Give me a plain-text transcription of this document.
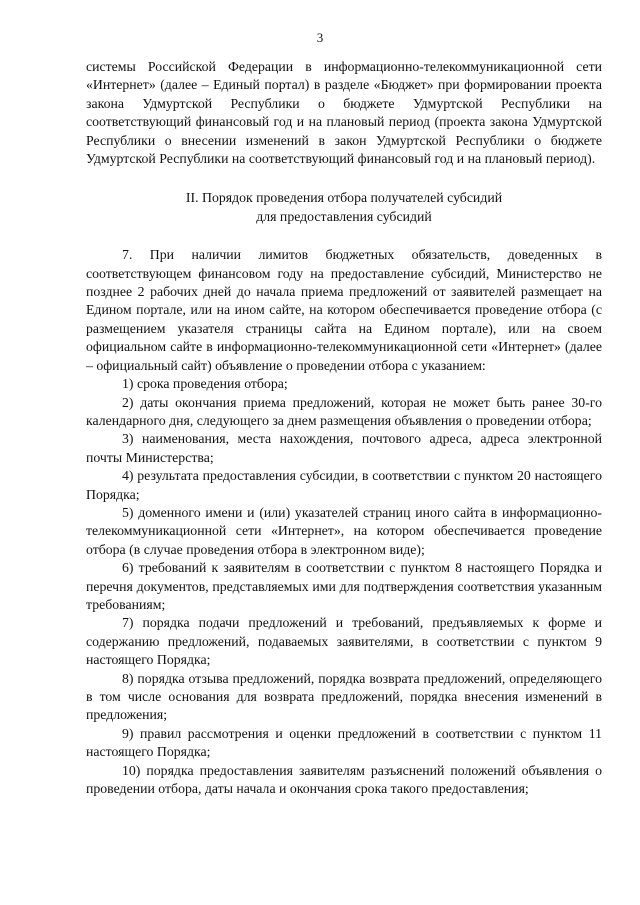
3

системы Российской Федерации в информационно-телекоммуникационной сети «Интернет» (далее – Единый портал) в разделе «Бюджет» при формировании проекта закона Удмуртской Республики о бюджете Удмуртской Республики на соответствующий финансовый год и на плановый период (проекта закона Удмуртской Республики о внесении изменений в закон Удмуртской Республики о бюджете Удмуртской Республики на соответствующий финансовый год и на плановый период).

II. Порядок проведения отбора получателей субсидий
для предоставления субсидий

7. При наличии лимитов бюджетных обязательств, доведенных в соответствующем финансовом году на предоставление субсидий, Министерство не позднее 2 рабочих дней до начала приема предложений от заявителей размещает на Едином портале, или на ином сайте, на котором обеспечивается проведение отбора (с размещением указателя страницы сайта на Едином портале), или на своем официальном сайте в информационно-телекоммуникационной сети «Интернет» (далее – официальный сайт) объявление о проведении отбора с указанием:

1) срока проведения отбора;

2) даты окончания приема предложений, которая не может быть ранее 30-го календарного дня, следующего за днем размещения объявления о проведении отбора;

3) наименования, места нахождения, почтового адреса, адреса электронной почты Министерства;

4) результата предоставления субсидии, в соответствии с пунктом 20 настоящего Порядка;

5) доменного имени и (или) указателей страниц иного сайта в информационно-телекоммуникационной сети «Интернет», на котором обеспечивается проведение отбора (в случае проведения отбора в электронном виде);

6) требований к заявителям в соответствии с пунктом 8 настоящего Порядка и перечня документов, представляемых ими для подтверждения соответствия указанным требованиям;

7) порядка подачи предложений и требований, предъявляемых к форме и содержанию предложений, подаваемых заявителями, в соответствии с пунктом 9 настоящего Порядка;

8) порядка отзыва предложений, порядка возврата предложений, определяющего в том числе основания для возврата предложений, порядка внесения изменений в предложения;

9) правил рассмотрения и оценки предложений в соответствии с пунктом 11 настоящего Порядка;

10) порядка предоставления заявителям разъяснений положений объявления о проведении отбора, даты начала и окончания срока такого предоставления;
